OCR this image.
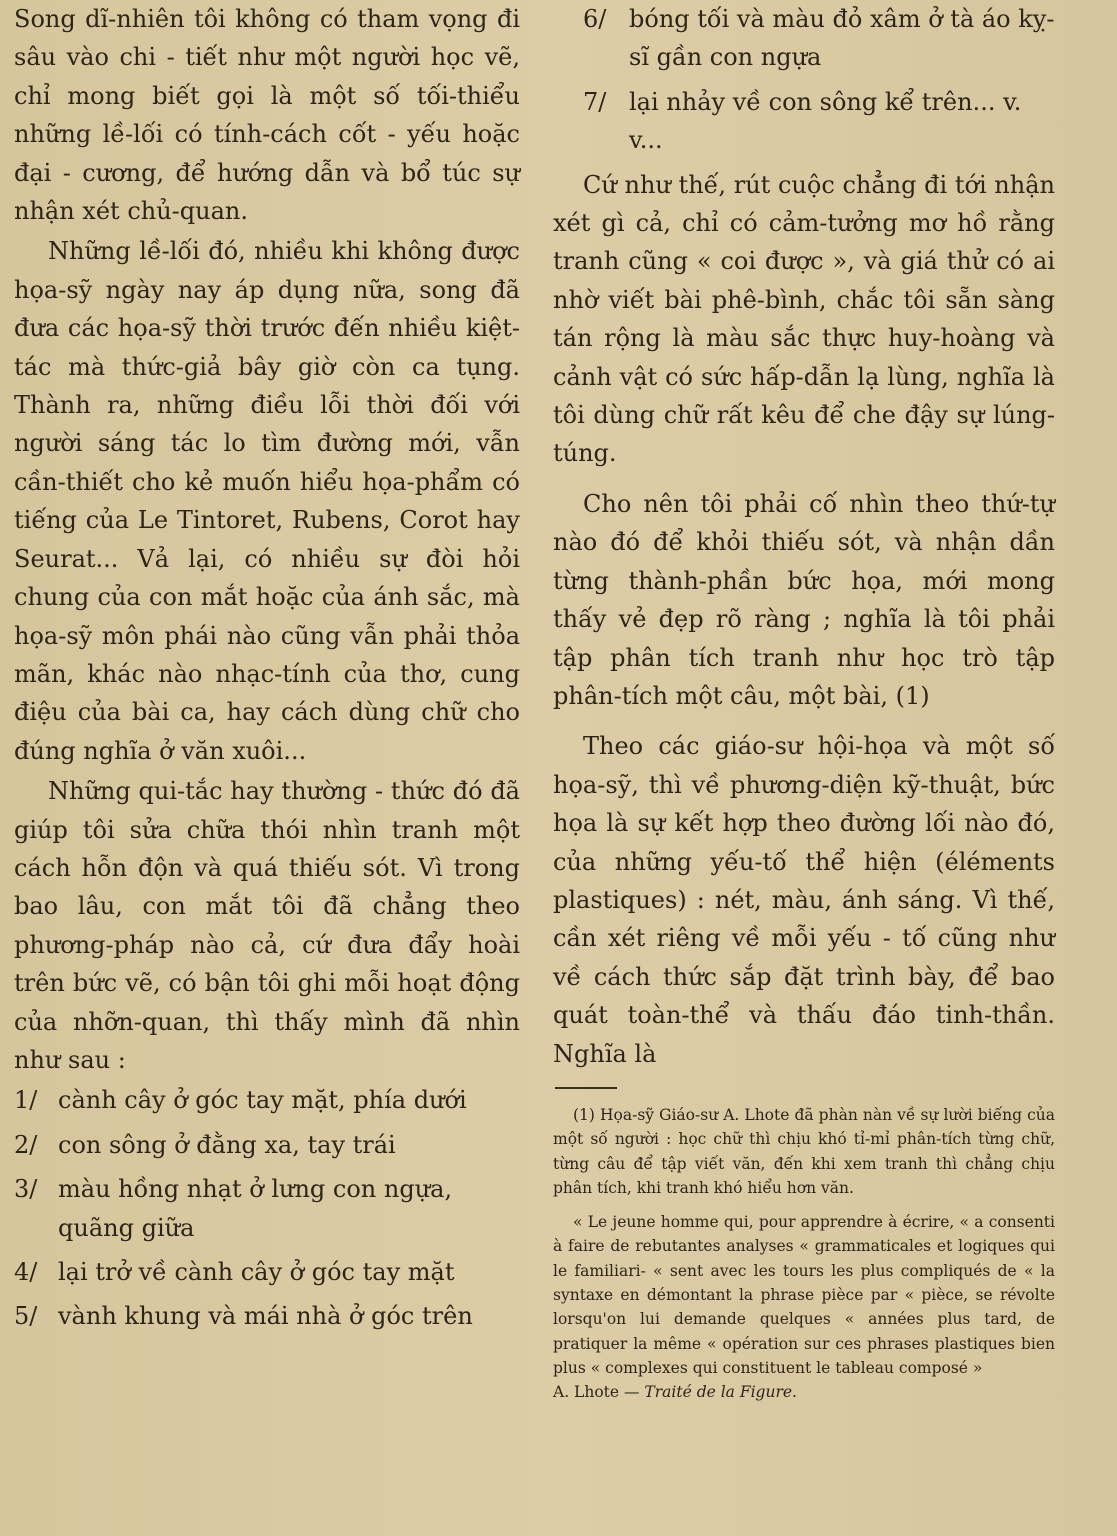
Song dĩ-nhiên tôi không có tham vọng đi sâu vào chi - tiết như một người học vẽ, chỉ mong biết gọi là một số tối-thiểu những lề-lối có tính-cách cốt - yếu hoặc đại - cương, để hướng dẫn và bổ túc sự nhận xét chủ-quan.

Những lề-lối đó, nhiều khi không được họa-sỹ ngày nay áp dụng nữa, song đã đưa các họa-sỹ thời trước đến nhiều kiệt-tác mà thức-giả bây giờ còn ca tụng. Thành ra, những điều lỗi thời đối với người sáng tác lo tìm đường mới, vẫn cần-thiết cho kẻ muốn hiểu họa-phẩm có tiếng của Le Tintoret, Rubens, Corot hay Seurat... Vả lại, có nhiều sự đòi hỏi chung của con mắt hoặc của ánh sắc, mà họa-sỹ môn phái nào cũng vẫn phải thỏa mãn, khác nào nhạc-tính của thơ, cung điệu của bài ca, hay cách dùng chữ cho đúng nghĩa ở văn xuôi...

Những qui-tắc hay thường - thức đó đã giúp tôi sửa chữa thói nhìn tranh một cách hỗn độn và quá thiếu sót. Vì trong bao lâu, con mắt tôi đã chẳng theo phương-pháp nào cả, cứ đưa đẩy hoài trên bức vẽ, có bận tôi ghi mỗi hoạt động của nhỡn-quan, thì thấy mình đã nhìn như sau :

1/ cành cây ở góc tay mặt, phía dưới
2/ con sông ở đằng xa, tay trái
3/ màu hồng nhạt ở lưng con ngựa, quãng giữa
4/ lại trở về cành cây ở góc tay mặt
5/ vành khung và mái nhà ở góc trên
6/ bóng tối và màu đỏ xâm ở tà áo kỵ-sĩ gần con ngựa
7/ lại nhảy về con sông kể trên... v. v...

Cứ như thế, rút cuộc chẳng đi tới nhận xét gì cả, chỉ có cảm-tưởng mơ hồ rằng tranh cũng « coi được », và giá thử có ai nhờ viết bài phê-bình, chắc tôi sẵn sàng tán rộng là màu sắc thực huy-hoàng và cảnh vật có sức hấp-dẫn lạ lùng, nghĩa là tôi dùng chữ rất kêu để che đậy sự lúng-túng.

Cho nên tôi phải cố nhìn theo thứ-tự nào đó để khỏi thiếu sót, và nhận dần từng thành-phần bức họa, mới mong thấy vẻ đẹp rõ ràng ; nghĩa là tôi phải tập phân tích tranh như học trò tập phân-tích một câu, một bài, (1)

Theo các giáo-sư hội-họa và một số họa-sỹ, thì về phương-diện kỹ-thuật, bức họa là sự kết hợp theo đường lối nào đó, của những yếu-tố thể hiện (éléments plastiques) : nét, màu, ánh sáng. Vì thế, cần xét riêng về mỗi yếu - tố cũng như về cách thức sắp đặt trình bày, để bao quát toàn-thể và thấu đáo tinh-thần. Nghĩa là

(1) Họa-sỹ Giáo-sư A. Lhote đã phàn nàn về sự lười biếng của một số người : học chữ thì chịu khó tỉ-mỉ phân-tích từng chữ, từng câu để tập viết văn, đến khi xem tranh thì chẳng chịu phân tích, khi tranh khó hiểu hơn văn.

« Le jeune homme qui, pour apprendre à écrire, « a consenti à faire de rebutantes analyses « grammaticales et logiques qui le familiari- « sent avec les tours les plus compliqués de « la syntaxe en démontant la phrase pièce par « pièce, se révolte lorsqu'on lui demande quelques « années plus tard, de pratiquer la même « opération sur ces phrases plastiques bien plus « complexes qui constituent le tableau composé »

A. Lhote — Traité de la Figure.
